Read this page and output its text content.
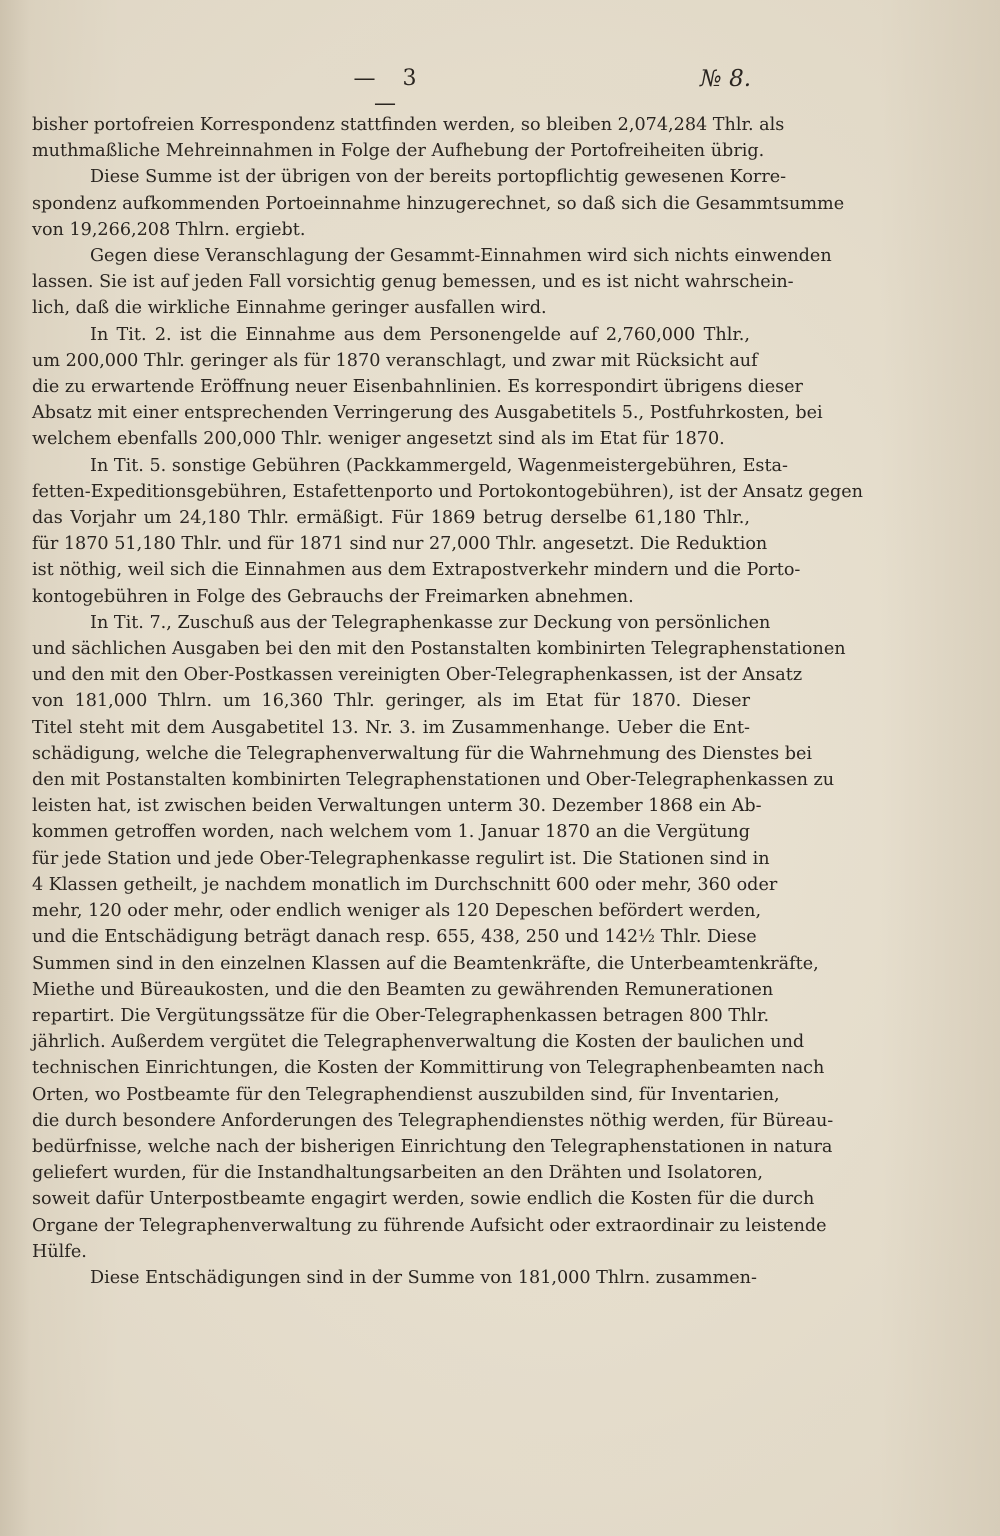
— 3 —
№ 8.

bisher portofreien Korrespondenz stattfinden werden, so bleiben 2,074,284 Thlr. als

muthmaßliche Mehreinnahmen in Folge der Aufhebung der Portofreiheiten übrig.

Diese Summe ist der übrigen von der bereits portopflichtig gewesenen Korre-

spondenz aufkommenden Portoeinnahme hinzugerechnet, so daß sich die Gesammtsumme

von 19,266,208 Thlrn. ergiebt.

Gegen diese Veranschlagung der Gesammt-Einnahmen wird sich nichts einwenden

lassen. Sie ist auf jeden Fall vorsichtig genug bemessen, und es ist nicht wahrschein-

lich, daß die wirkliche Einnahme geringer ausfallen wird.

In Tit. 2. ist die Einnahme aus dem Personengelde auf 2,760,000 Thlr.,

um 200,000 Thlr. geringer als für 1870 veranschlagt, und zwar mit Rücksicht auf

die zu erwartende Eröffnung neuer Eisenbahnlinien. Es korrespondirt übrigens dieser

Absatz mit einer entsprechenden Verringerung des Ausgabetitels 5., Postfuhrkosten, bei

welchem ebenfalls 200,000 Thlr. weniger angesetzt sind als im Etat für 1870.

In Tit. 5. sonstige Gebühren (Packkammergeld, Wagenmeistergebühren, Esta-

fetten-Expeditionsgebühren, Estafettenporto und Portokontogebühren), ist der Ansatz gegen

das Vorjahr um 24,180 Thlr. ermäßigt. Für 1869 betrug derselbe 61,180 Thlr.,

für 1870 51,180 Thlr. und für 1871 sind nur 27,000 Thlr. angesetzt. Die Reduktion

ist nöthig, weil sich die Einnahmen aus dem Extrapostverkehr mindern und die Porto-

kontogebühren in Folge des Gebrauchs der Freimarken abnehmen.

In Tit. 7., Zuschuß aus der Telegraphenkasse zur Deckung von persönlichen

und sächlichen Ausgaben bei den mit den Postanstalten kombinirten Telegraphenstationen

und den mit den Ober-Postkassen vereinigten Ober-Telegraphenkassen, ist der Ansatz

von 181,000 Thlrn. um 16,360 Thlr. geringer, als im Etat für 1870. Dieser

Titel steht mit dem Ausgabetitel 13. Nr. 3. im Zusammenhange. Ueber die Ent-

schädigung, welche die Telegraphenverwaltung für die Wahrnehmung des Dienstes bei

den mit Postanstalten kombinirten Telegraphenstationen und Ober-Telegraphenkassen zu

leisten hat, ist zwischen beiden Verwaltungen unterm 30. Dezember 1868 ein Ab-

kommen getroffen worden, nach welchem vom 1. Januar 1870 an die Vergütung

für jede Station und jede Ober-Telegraphenkasse regulirt ist. Die Stationen sind in

4 Klassen getheilt, je nachdem monatlich im Durchschnitt 600 oder mehr, 360 oder

mehr, 120 oder mehr, oder endlich weniger als 120 Depeschen befördert werden,

und die Entschädigung beträgt danach resp. 655, 438, 250 und 142½ Thlr. Diese

Summen sind in den einzelnen Klassen auf die Beamtenkräfte, die Unterbeamtenkräfte,

Miethe und Büreaukosten, und die den Beamten zu gewährenden Remunerationen

repartirt. Die Vergütungssätze für die Ober-Telegraphenkassen betragen 800 Thlr.

jährlich. Außerdem vergütet die Telegraphenverwaltung die Kosten der baulichen und

technischen Einrichtungen, die Kosten der Kommittirung von Telegraphenbeamten nach

Orten, wo Postbeamte für den Telegraphendienst auszubilden sind, für Inventarien,

die durch besondere Anforderungen des Telegraphendienstes nöthig werden, für Büreau-

bedürfnisse, welche nach der bisherigen Einrichtung den Telegraphenstationen in natura

geliefert wurden, für die Instandhaltungsarbeiten an den Drähten und Isolatoren,

soweit dafür Unterpostbeamte engagirt werden, sowie endlich die Kosten für die durch

Organe der Telegraphenverwaltung zu führende Aufsicht oder extraordinair zu leistende

Hülfe.

Diese Entschädigungen sind in der Summe von 181,000 Thlrn. zusammen-
